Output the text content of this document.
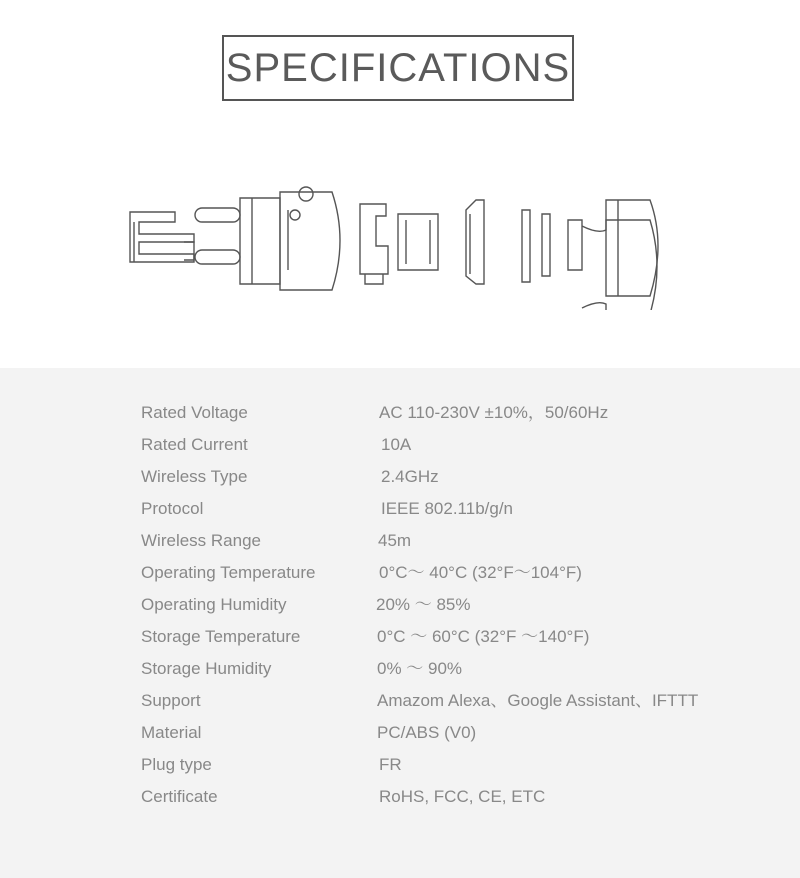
SPECIFICATIONS
Rated Voltage	AC 110-230V ±10%，50/60Hz
Rated Current	10A
Wireless Type	2.4GHz
Protocol	IEEE 802.11b/g/n
Wireless Range	45m
Operating Temperature	0°C～ 40°C (32°F～104°F)
Operating Humidity	20% ～ 85%
Storage Temperature	0°C ～ 60°C (32°F ～140°F)
Storage Humidity	0% ～ 90%
Support	Amazom Alexa、Google Assistant、IFTTT
Material	PC/ABS (V0)
Plug type	FR
Certificate	RoHS, FCC, CE, ETC
